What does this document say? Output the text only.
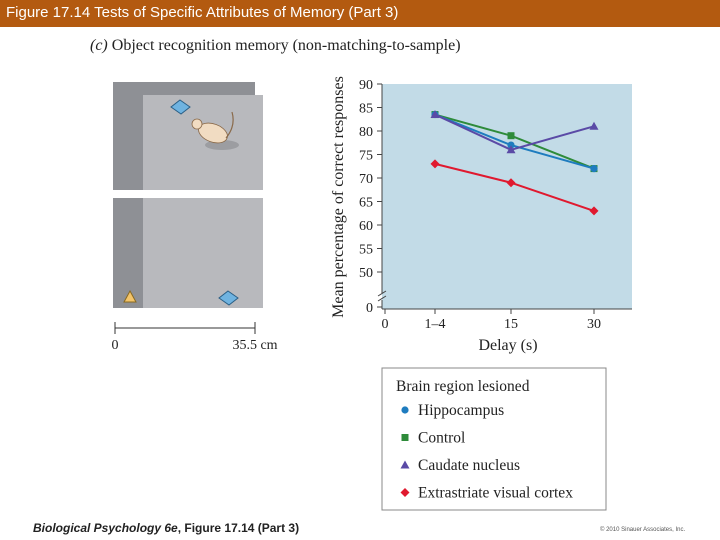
Figure 17.14 Tests of Specific Attributes of Memory (Part 3)
(c) Object recognition memory (non-matching-to-sample)
0	35.5 cm
0
50
55
60
65
70
75
80
85
90
0	1–4	15	30
Delay (s)
Mean percentage of correct responses
Brain region lesioned
Hippocampus
Control
Caudate nucleus
Extrastriate visual cortex
Biological Psychology 6e, Figure 17.14 (Part 3)	© 2010 Sinauer Associates, Inc.
